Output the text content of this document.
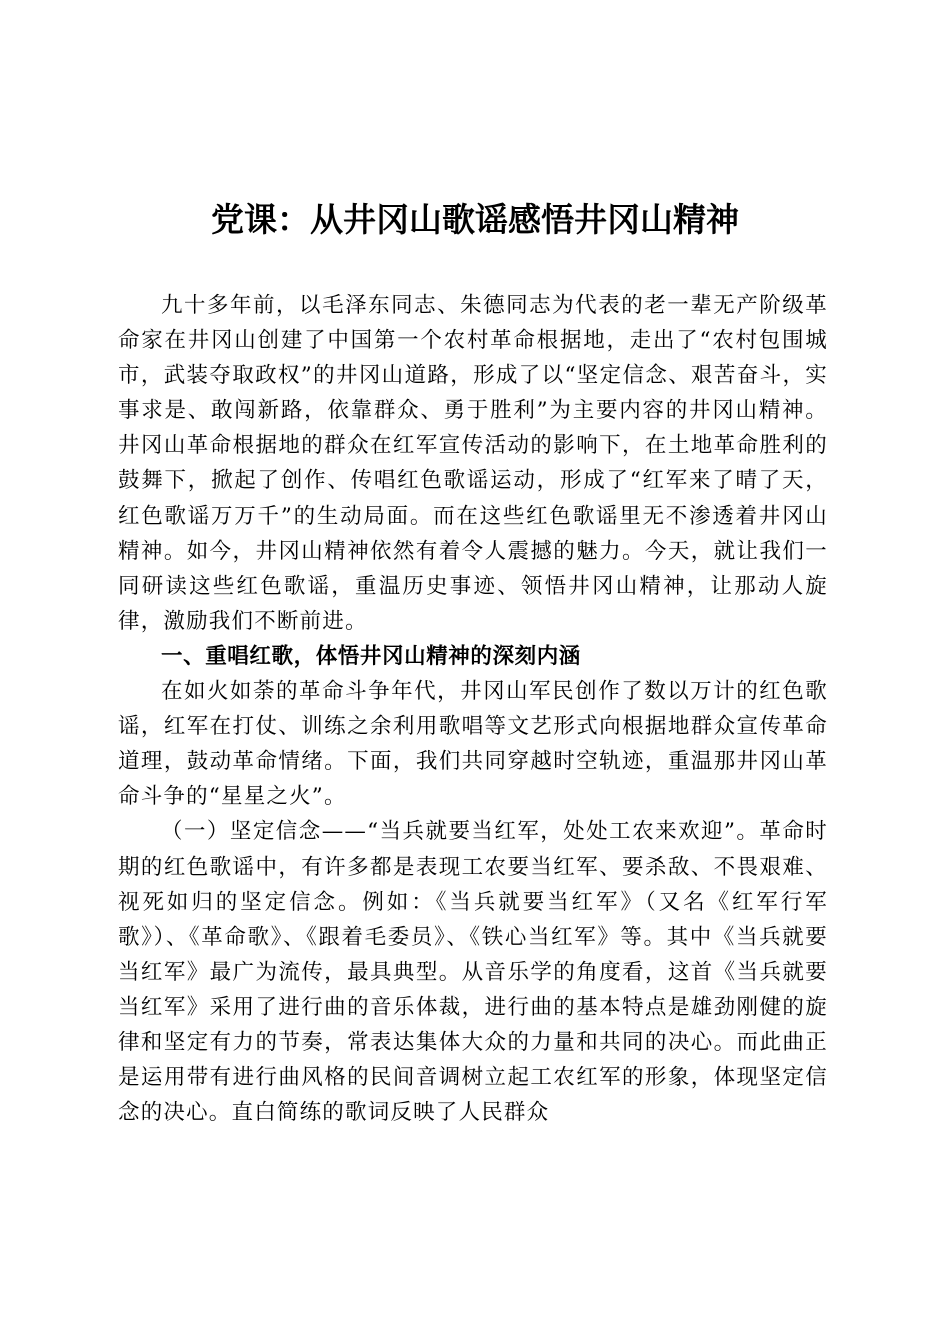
党课：从井冈山歌谣感悟井冈山精神

九十多年前，以毛泽东同志、朱德同志为代表的老一辈无产阶级革命家在井冈山创建了中国第一个农村革命根据地，走出了“农村包围城市，武装夺取政权”的井冈山道路，形成了以“坚定信念、艰苦奋斗，实事求是、敢闯新路，依靠群众、勇于胜利”为主要内容的井冈山精神。井冈山革命根据地的群众在红军宣传活动的影响下，在土地革命胜利的鼓舞下，掀起了创作、传唱红色歌谣运动，形成了“红军来了晴了天，红色歌谣万万千”的生动局面。而在这些红色歌谣里无不渗透着井冈山精神。如今，井冈山精神依然有着令人震撼的魅力。今天，就让我们一同研读这些红色歌谣，重温历史事迹、领悟井冈山精神，让那动人旋律，激励我们不断前进。

一、重唱红歌，体悟井冈山精神的深刻内涵

在如火如荼的革命斗争年代，井冈山军民创作了数以万计的红色歌谣，红军在打仗、训练之余利用歌唱等文艺形式向根据地群众宣传革命道理，鼓动革命情绪。下面，我们共同穿越时空轨迹，重温那井冈山革命斗争的“星星之火”。

（一）坚定信念——“当兵就要当红军，处处工农来欢迎”。革命时期的红色歌谣中，有许多都是表现工农要当红军、要杀敌、不畏艰难、视死如归的坚定信念。例如：《当兵就要当红军》（又名《红军行军歌》）、《革命歌》、《跟着毛委员》、《铁心当红军》等。其中《当兵就要当红军》最广为流传，最具典型。从音乐学的角度看，这首《当兵就要当红军》采用了进行曲的音乐体裁，进行曲的基本特点是雄劲刚健的旋律和坚定有力的节奏，常表达集体大众的力量和共同的决心。而此曲正是运用带有进行曲风格的民间音调树立起工农红军的形象，体现坚定信念的决心。直白简练的歌词反映了人民群众
